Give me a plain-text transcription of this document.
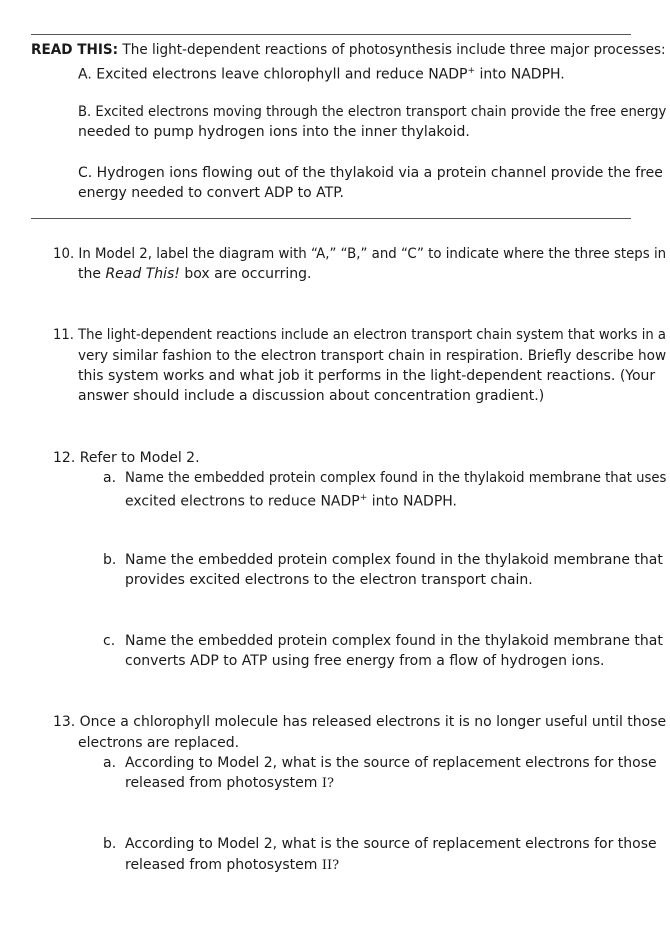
READ THIS: The light-dependent reactions of photosynthesis include three major processes:
A. Excited electrons leave chlorophyll and reduce NADP+ into NADPH.
B. Excited electrons moving through the electron transport chain provide the free energy
needed to pump hydrogen ions into the inner thylakoid.
C. Hydrogen ions flowing out of the thylakoid via a protein channel provide the free
energy needed to convert ADP to ATP.
10. In Model 2, label the diagram with “A,” “B,” and “C” to indicate where the three steps in
the Read This! box are occurring.
11. The light-dependent reactions include an electron transport chain system that works in a
very similar fashion to the electron transport chain in respiration. Briefly describe how
this system works and what job it performs in the light-dependent reactions. (Your
answer should include a discussion about concentration gradient.)
12. Refer to Model 2.
a. Name the embedded protein complex found in the thylakoid membrane that uses
excited electrons to reduce NADP+ into NADPH.
b. Name the embedded protein complex found in the thylakoid membrane that
provides excited electrons to the electron transport chain.
c. Name the embedded protein complex found in the thylakoid membrane that
converts ADP to ATP using free energy from a flow of hydrogen ions.
13. Once a chlorophyll molecule has released electrons it is no longer useful until those
electrons are replaced.
a. According to Model 2, what is the source of replacement electrons for those
released from photosystem I?
b. According to Model 2, what is the source of replacement electrons for those
released from photosystem II?
